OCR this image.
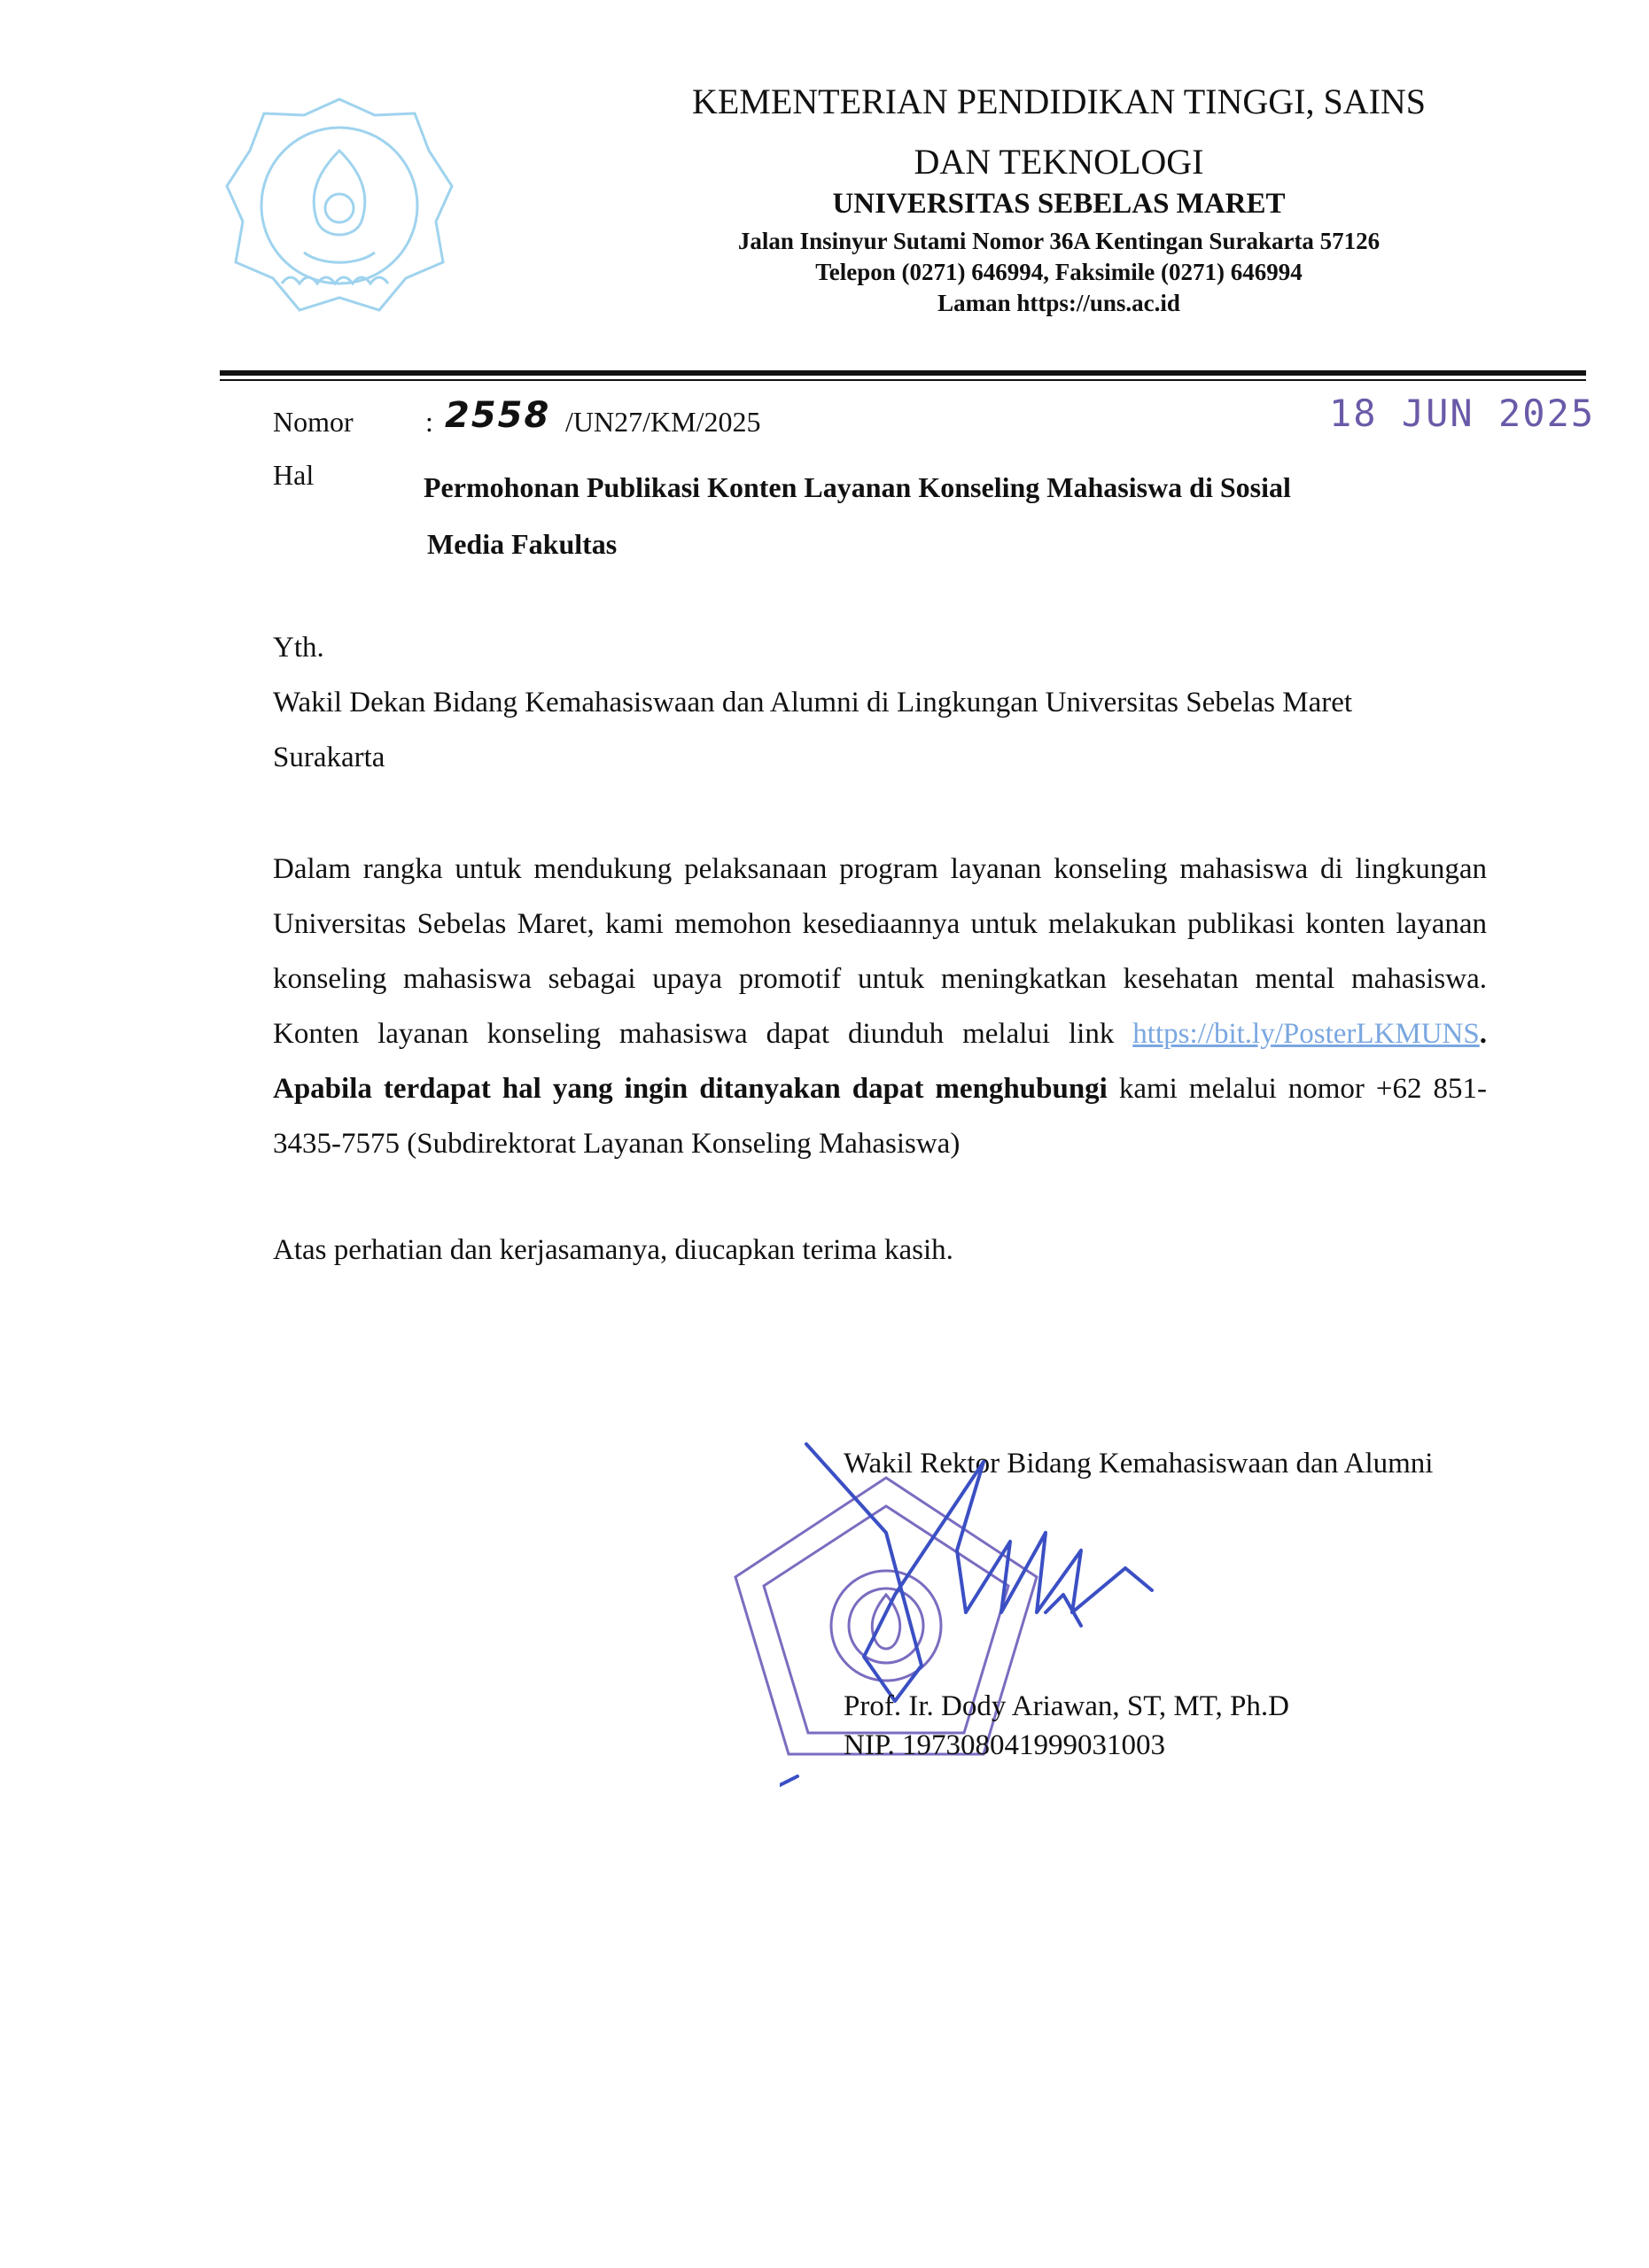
KEMENTERIAN PENDIDIKAN TINGGI, SAINS
DAN TEKNOLOGI
UNIVERSITAS SEBELAS MARET
Jalan Insinyur Sutami Nomor 36A Kentingan Surakarta 57126
Telepon (0271) 646994, Faksimile (0271) 646994
Laman https://uns.ac.id
Nomor	: 2558 /UN27/KM/2025	18 JUN 2025
Hal	Permohonan Publikasi Konten Layanan Konseling Mahasiswa di Sosial
Media Fakultas
Yth.
Wakil Dekan Bidang Kemahasiswaan dan Alumni di Lingkungan Universitas Sebelas Maret
Surakarta
Dalam rangka untuk mendukung pelaksanaan program layanan konseling mahasiswa di lingkungan Universitas Sebelas Maret, kami memohon kesediaannya untuk melakukan publikasi konten layanan konseling mahasiswa sebagai upaya promotif untuk meningkatkan kesehatan mental mahasiswa. Konten layanan konseling mahasiswa dapat diunduh melalui link https://bit.ly/PosterLKMUNS. Apabila terdapat hal yang ingin ditanyakan dapat menghubungi kami melalui nomor +62 851-3435-7575 (Subdirektorat Layanan Konseling Mahasiswa)
Atas perhatian dan kerjasamanya, diucapkan terima kasih.
Wakil Rektor Bidang Kemahasiswaan dan Alumni
Prof. Ir. Dody Ariawan, ST, MT, Ph.D
NIP. 197308041999031003
